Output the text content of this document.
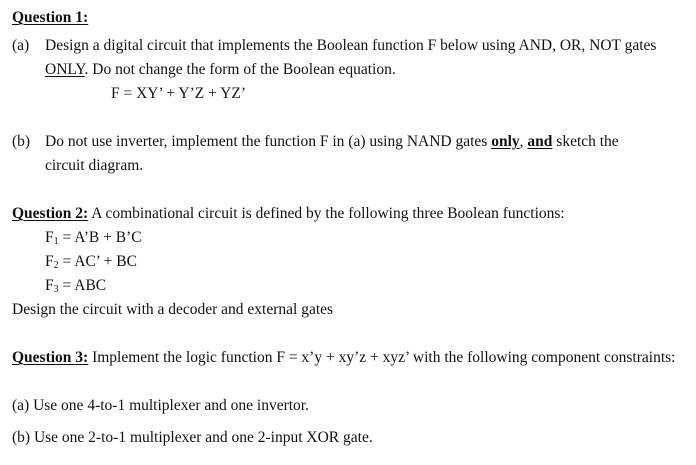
Question 1:
(a) Design a digital circuit that implements the Boolean function F below using AND, OR, NOT gates
ONLY. Do not change the form of the Boolean equation.
F = XY’ + Y’Z + YZ’
(b) Do not use inverter, implement the function F in (a) using NAND gates only, and sketch the
circuit diagram.
Question 2: A combinational circuit is defined by the following three Boolean functions:
$F_1$ = A’B + B’C
$F_2$ = AC’ + BC
$F_3$ = ABC
Design the circuit with a decoder and external gates
Question 3: Implement the logic function F = x’y + xy’z + xyz’ with the following component constraints:
(a) Use one 4-to-1 multiplexer and one invertor.
(b) Use one 2-to-1 multiplexer and one 2-input XOR gate.
